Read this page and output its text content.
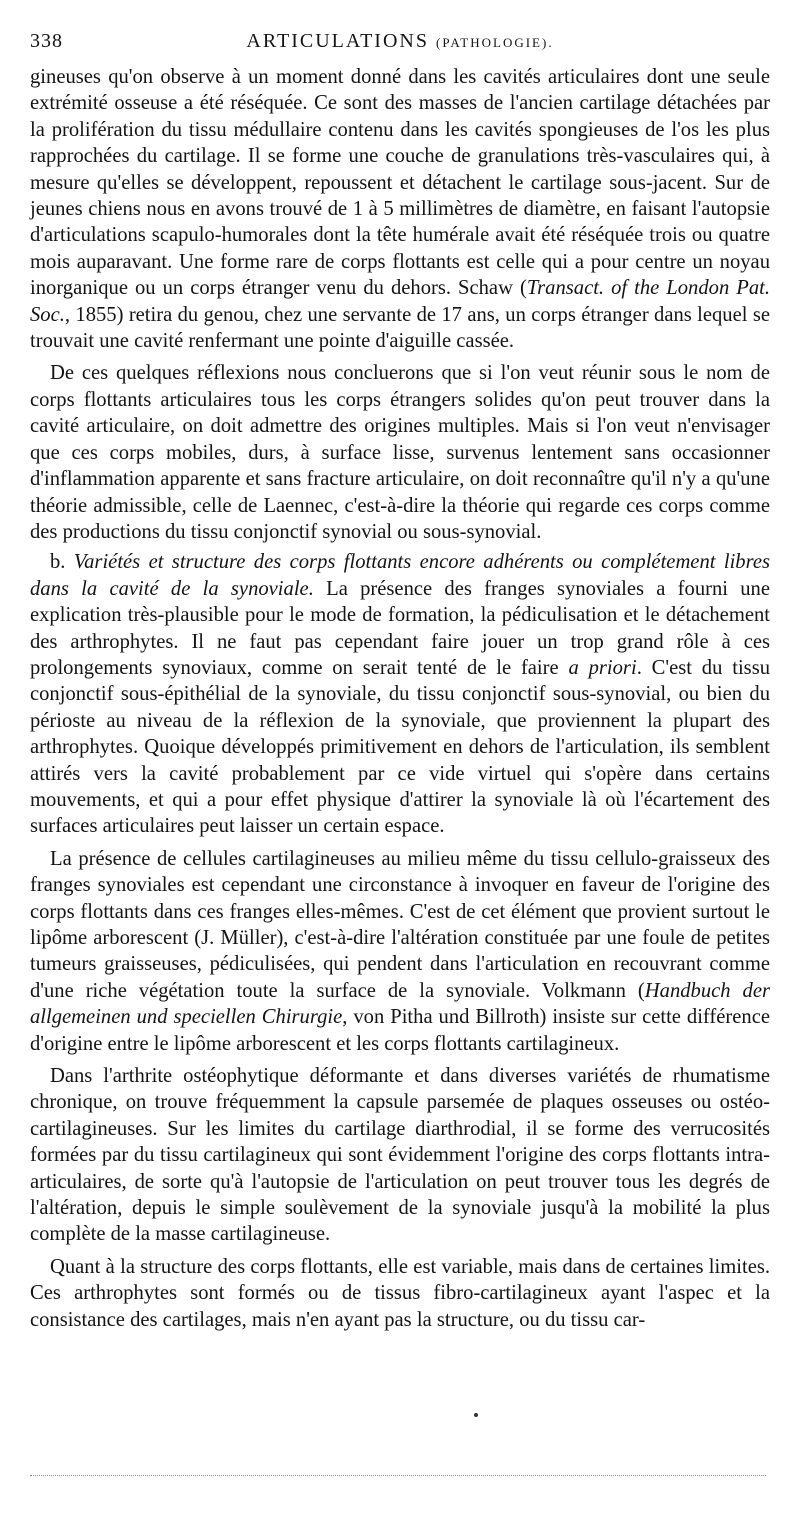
338	ARTICULATIONS (PATHOLOGIE).

gineuses qu'on observe à un moment donné dans les cavités articulaires dont une seule extrémité osseuse a été réséquée. Ce sont des masses de l'ancien cartilage détachées par la prolifération du tissu médullaire contenu dans les cavités spongieuses de l'os les plus rapprochées du cartilage. Il se forme une couche de granulations très-vasculaires qui, à mesure qu'elles se développent, repoussent et détachent le cartilage sous-jacent. Sur de jeunes chiens nous en avons trouvé de 1 à 5 millimètres de diamètre, en faisant l'autopsie d'articulations scapulo-humorales dont la tête humérale avait été réséquée trois ou quatre mois auparavant. Une forme rare de corps flottants est celle qui a pour centre un noyau inorganique ou un corps étranger venu du dehors. Schaw (Transact. of the London Pat. Soc., 1855) retira du genou, chez une servante de 17 ans, un corps étranger dans lequel se trouvait une cavité renfermant une pointe d'aiguille cassée.

De ces quelques réflexions nous concluerons que si l'on veut réunir sous le nom de corps flottants articulaires tous les corps étrangers solides qu'on peut trouver dans la cavité articulaire, on doit admettre des origines multiples. Mais si l'on veut n'envisager que ces corps mobiles, durs, à surface lisse, survenus lentement sans occasionner d'inflammation apparente et sans fracture articulaire, on doit reconnaître qu'il n'y a qu'une théorie admissible, celle de Laennec, c'est-à-dire la théorie qui regarde ces corps comme des productions du tissu conjonctif synovial ou sous-synovial.

b. Variétés et structure des corps flottants encore adhérents ou complétement libres dans la cavité de la synoviale. La présence des franges synoviales a fourni une explication très-plausible pour le mode de formation, la pédiculisation et le détachement des arthrophytes. Il ne faut pas cependant faire jouer un trop grand rôle à ces prolongements synoviaux, comme on serait tenté de le faire a priori. C'est du tissu conjonctif sous-épithélial de la synoviale, du tissu conjonctif sous-synovial, ou bien du périoste au niveau de la réflexion de la synoviale, que proviennent la plupart des arthrophytes. Quoique développés primitivement en dehors de l'articulation, ils semblent attirés vers la cavité probablement par ce vide virtuel qui s'opère dans certains mouvements, et qui a pour effet physique d'attirer la synoviale là où l'écartement des surfaces articulaires peut laisser un certain espace.

La présence de cellules cartilagineuses au milieu même du tissu cellulo-graisseux des franges synoviales est cependant une circonstance à invoquer en faveur de l'origine des corps flottants dans ces franges elles-mêmes. C'est de cet élément que provient surtout le lipôme arborescent (J. Müller), c'est-à-dire l'altération constituée par une foule de petites tumeurs graisseuses, pédiculisées, qui pendent dans l'articulation en recouvrant comme d'une riche végétation toute la surface de la synoviale. Volkmann (Handbuch der allgemeinen und speciellen Chirurgie, von Pitha und Billroth) insiste sur cette différence d'origine entre le lipôme arborescent et les corps flottants cartilagineux.

Dans l'arthrite ostéophytique déformante et dans diverses variétés de rhumatisme chronique, on trouve fréquemment la capsule parsemée de plaques osseuses ou ostéo-cartilagineuses. Sur les limites du cartilage diarthrodial, il se forme des verrucosités formées par du tissu cartilagineux qui sont évidemment l'origine des corps flottants intra-articulaires, de sorte qu'à l'autopsie de l'articulation on peut trouver tous les degrés de l'altération, depuis le simple soulèvement de la synoviale jusqu'à la mobilité la plus complète de la masse cartilagineuse.

Quant à la structure des corps flottants, elle est variable, mais dans de certaines limites. Ces arthrophytes sont formés ou de tissus fibro-cartilagineux ayant l'aspec et la consistance des cartilages, mais n'en ayant pas la structure, ou du tissu car-
